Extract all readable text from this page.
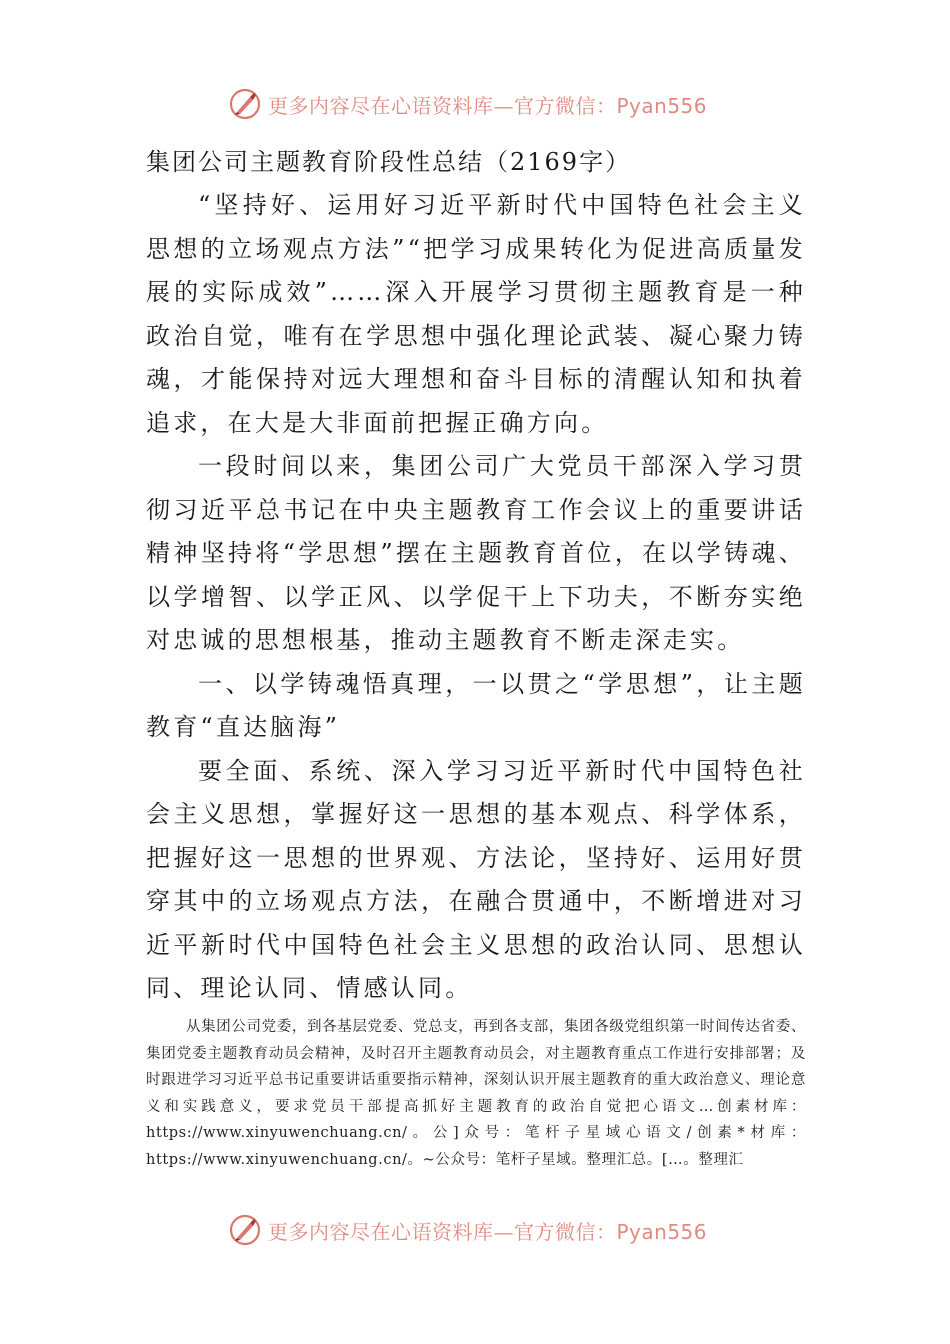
更多内容尽在心语资料库—官方微信：Pyan556

集团公司主题教育阶段性总结（2169字）

“坚持好、运用好习近平新时代中国特色社会主义思想的立场观点方法”“把学习成果转化为促进高质量发展的实际成效”……深入开展学习贯彻主题教育是一种政治自觉，唯有在学思想中强化理论武装、凝心聚力铸魂，才能保持对远大理想和奋斗目标的清醒认知和执着追求，在大是大非面前把握正确方向。

一段时间以来，集团公司广大党员干部深入学习贯彻习近平总书记在中央主题教育工作会议上的重要讲话精神坚持将“学思想”摆在主题教育首位，在以学铸魂、以学增智、以学正风、以学促干上下功夫，不断夯实绝对忠诚的思想根基，推动主题教育不断走深走实。

一、以学铸魂悟真理，一以贯之“学思想”，让主题教育“直达脑海”

要全面、系统、深入学习习近平新时代中国特色社会主义思想，掌握好这一思想的基本观点、科学体系，把握好这一思想的世界观、方法论，坚持好、运用好贯穿其中的立场观点方法，在融合贯通中，不断增进对习近平新时代中国特色社会主义思想的政治认同、思想认同、理论认同、情感认同。

从集团公司党委，到各基层党委、党总支，再到各支部，集团各级党组织第一时间传达省委、集团党委主题教育动员会精神，及时召开主题教育动员会，对主题教育重点工作进行安排部署；及时跟进学习习近平总书记重要讲话重要指示精神，深刻认识开展主题教育的重大政治意义、理论意义和实践意义，要求党员干部提高抓好主题教育的政治自觉把心语文…创素材库：https://www.xinyuwenchuang.cn/。公]众号：笔杆子星域心语文/创素*材库：https://www.xinyuwenchuang.cn/。~公众号：笔杆子星域。整理汇总。[…。整理汇

更多内容尽在心语资料库—官方微信：Pyan556
